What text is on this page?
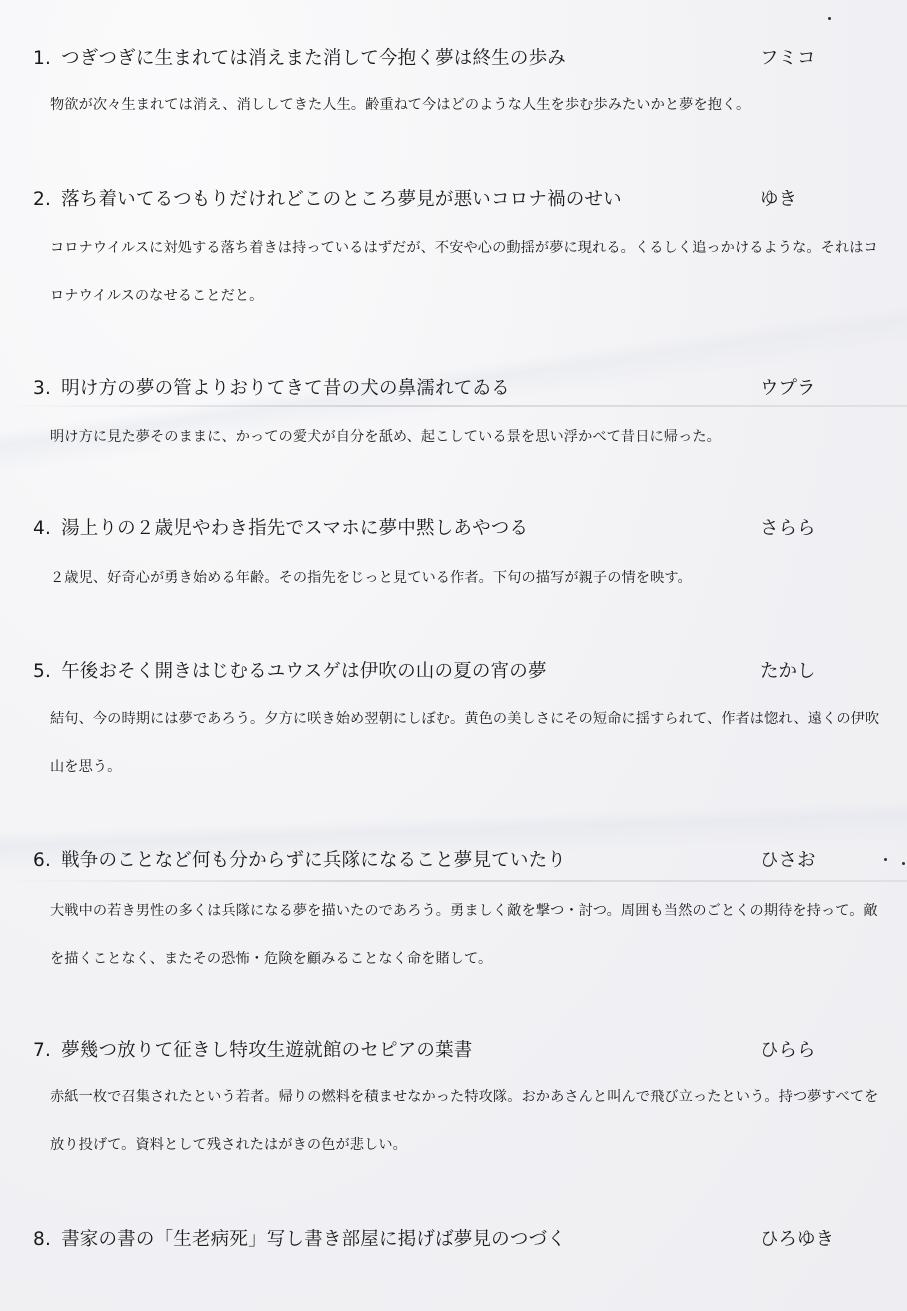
1. つぎつぎに生まれては消えまた消して今抱く夢は終生の歩み	フミコ
物欲が次々生まれては消え、消ししてきた人生。齢重ねて今はどのような人生を歩む歩みたいかと夢を抱く。
2. 落ち着いてるつもりだけれどこのところ夢見が悪いコロナ禍のせい	ゆき
コロナウイルスに対処する落ち着きは持っているはずだが、不安や心の動揺が夢に現れる。くるしく追っかけるような。それはコロナウイルスのなせることだと。
3. 明け方の夢の管よりおりてきて昔の犬の鼻濡れてゐる	ウプラ
明け方に見た夢そのままに、かっての愛犬が自分を舐め、起こしている景を思い浮かべて昔日に帰った。
4. 湯上りの２歳児やわき指先でスマホに夢中黙しあやつる	さらら
２歳児、好奇心が勇き始める年齢。その指先をじっと見ている作者。下句の描写が親子の情を映す。
5. 午後おそく開きはじむるユウスゲは伊吹の山の夏の宵の夢	たかし
結句、今の時期には夢であろう。夕方に咲き始め翌朝にしぼむ。黄色の美しさにその短命に揺すられて、作者は惚れ、遠くの伊吹山を思う。
6. 戦争のことなど何も分からずに兵隊になること夢見ていたり	ひさお
大戦中の若き男性の多くは兵隊になる夢を描いたのであろう。勇ましく敵を撃つ・討つ。周囲も当然のごとくの期待を持って。敵を描くことなく、またその恐怖・危険を顧みることなく命を賭して。
7. 夢幾つ放りて征きし特攻生遊就館のセピアの葉書	ひらら
赤紙一枚で召集されたという若者。帰りの燃料を積ませなかった特攻隊。おかあさんと叫んで飛び立ったという。持つ夢すべてを放り投げて。資料として残されたはがきの色が悲しい。
8. 書家の書の「生老病死」写し書き部屋に掲げば夢見のつづく	ひろゆき
